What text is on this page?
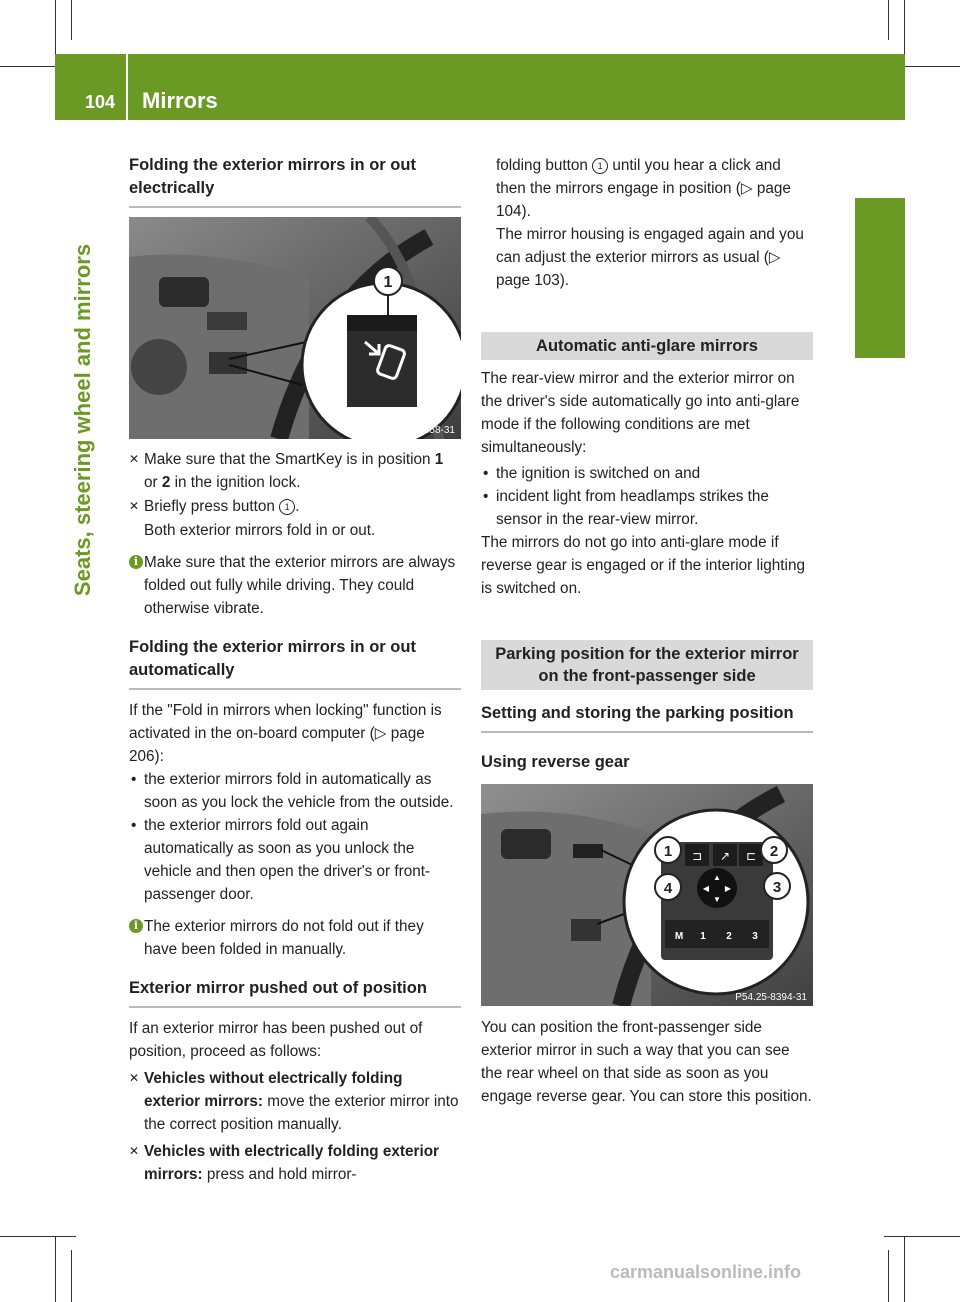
104 Mirrors
Seats, steering wheel and mirrors
Folding the exterior mirrors in or out electrically
1
P88.70-2658-31
✕ Make sure that the SmartKey is in position 1 or 2 in the ignition lock.
✕ Briefly press button 1 .

Both exterior mirrors fold in or out.

i Make sure that the exterior mirrors are always folded out fully while driving. They could otherwise vibrate.
Folding the exterior mirrors in or out automatically

If the "Fold in mirrors when locking" function is activated in the on-board computer (▷ page 206):

• the exterior mirrors fold in automatically as soon as you lock the vehicle from the outside.
• the exterior mirrors fold out again automatically as soon as you unlock the vehicle and then open the driver's or front-passenger door.
i The exterior mirrors do not fold out if they have been folded in manually.
Exterior mirror pushed out of position

If an exterior mirror has been pushed out of position, proceed as follows:

✕ Vehicles without electrically folding exterior mirrors: move the exterior mirror into the correct position manually.
✕ Vehicles with electrically folding exterior mirrors: press and hold mirror-
folding button 1 until you hear a click and then the mirrors engage in position (▷ page 104).

The mirror housing is engaged again and you can adjust the exterior mirrors as usual (▷ page 103).

Automatic anti-glare mirrors

The rear-view mirror and the exterior mirror on the driver's side automatically go into anti-glare mode if the following conditions are met simultaneously:

• the ignition is switched on and
• incident light from headlamps strikes the sensor in the rear-view mirror.

The mirrors do not go into anti-glare mode if reverse gear is engaged or if the interior lighting is switched on.

Parking position for the exterior mirror on the front-passenger side
Setting and storing the parking position
Using reverse gear
⊐ ↗ ⊏
▲
▼
◀ ▶
M 1 2 3
1	2
3
4
P54.25-8394-31

You can position the front-passenger side exterior mirror in such a way that you can see the rear wheel on that side as soon as you engage reverse gear. You can store this position.

carmanualsonline.info
